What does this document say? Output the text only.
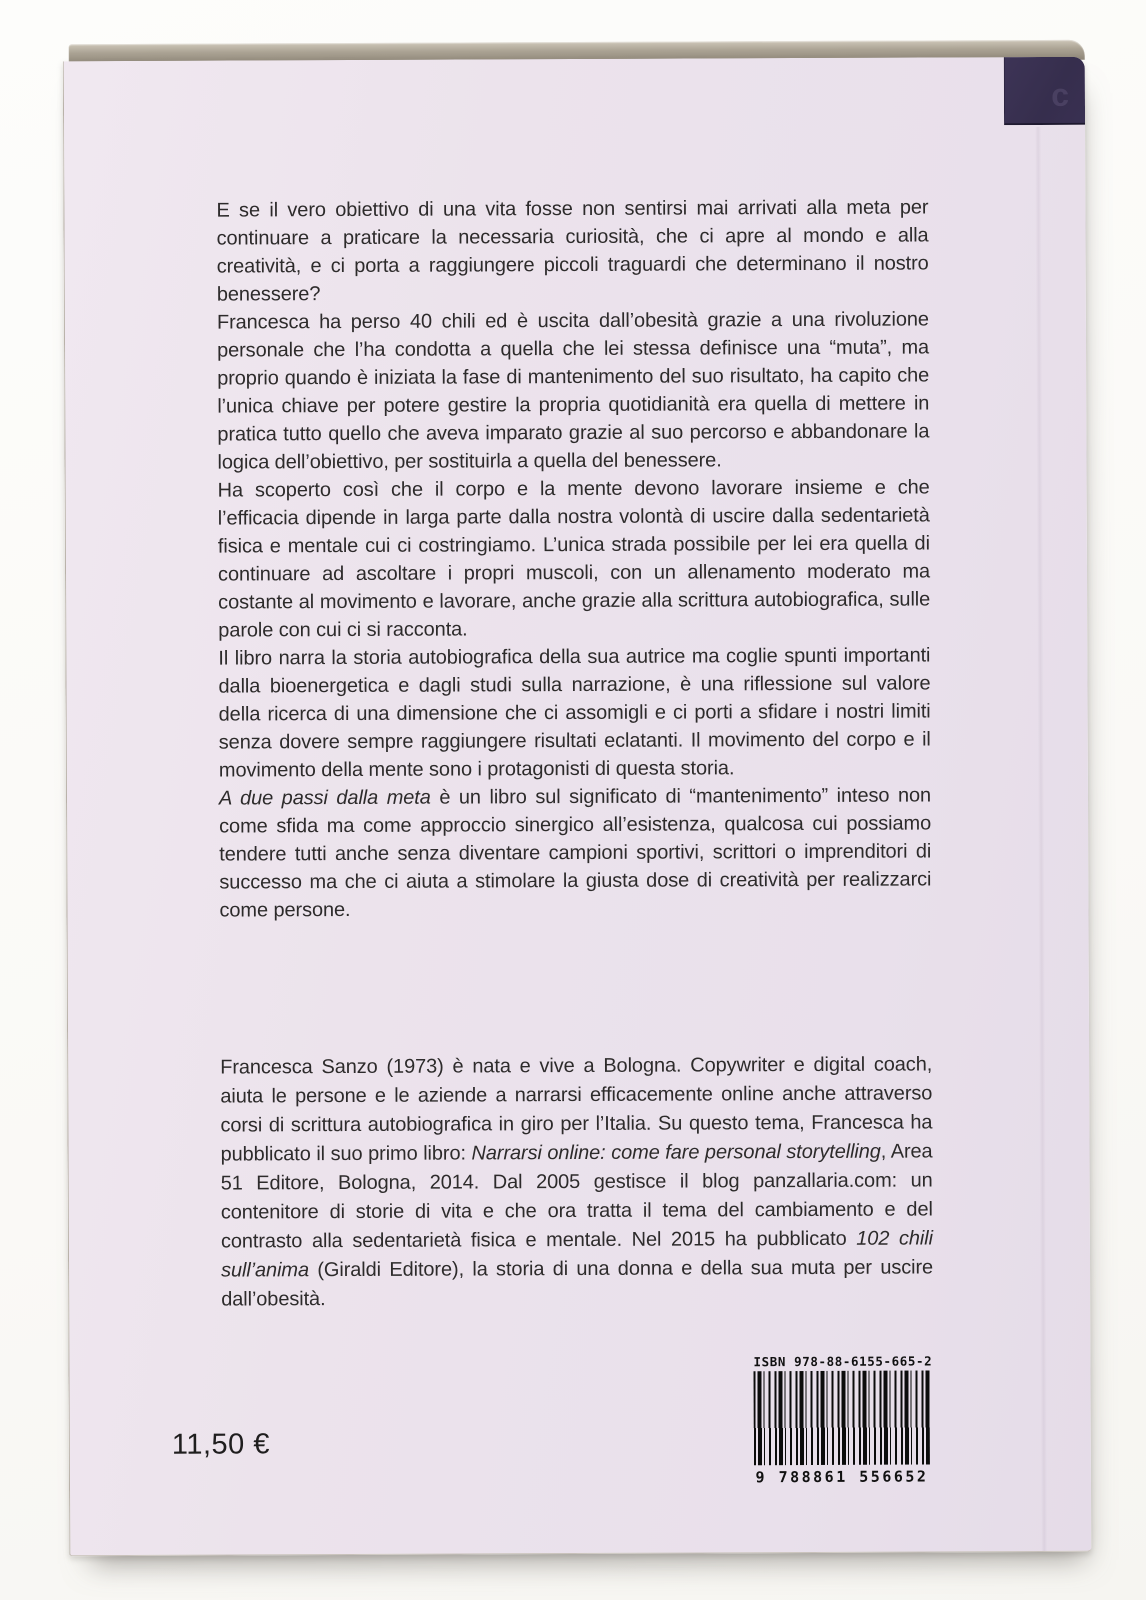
c

E se il vero obiettivo di una vita fosse non sentirsi mai arrivati alla meta per continuare a praticare la necessaria curiosità, che ci apre al mondo e alla creatività, e ci porta a raggiungere piccoli traguardi che determinano il nostro benessere?

Francesca ha perso 40 chili ed è uscita dall’obesità grazie a una rivoluzione personale che l’ha condotta a quella che lei stessa definisce una “muta”, ma proprio quando è iniziata la fase di mantenimento del suo risultato, ha capito che l’unica chiave per potere gestire la propria quotidianità era quella di mettere in pratica tutto quello che aveva imparato grazie al suo percorso e abbandonare la logica dell’obiettivo, per sostituirla a quella del benessere.

Ha scoperto così che il corpo e la mente devono lavorare insieme e che l’efficacia dipende in larga parte dalla nostra volontà di uscire dalla sedentarietà fisica e mentale cui ci costringiamo. L’unica strada possibile per lei era quella di continuare ad ascoltare i propri muscoli, con un allenamento moderato ma costante al movimento e lavorare, anche grazie alla scrittura autobiografica, sulle parole con cui ci si racconta.

Il libro narra la storia autobiografica della sua autrice ma coglie spunti importanti dalla bioenergetica e dagli studi sulla narrazione, è una riflessione sul valore della ricerca di una dimensione che ci assomigli e ci porti a sfidare i nostri limiti senza dovere sempre raggiungere risultati eclatanti. Il movimento del corpo e il movimento della mente sono i protagonisti di questa storia.

A due passi dalla meta è un libro sul significato di “mantenimento” inteso non come sfida ma come approccio sinergico all’esistenza, qualcosa cui possiamo tendere tutti anche senza diventare campioni sportivi, scrittori o imprenditori di successo ma che ci aiuta a stimolare la giusta dose di creatività per realizzarci come persone.

Francesca Sanzo (1973) è nata e vive a Bologna. Copywriter e digital coach, aiuta le persone e le aziende a narrarsi efficacemente online anche attraverso corsi di scrittura autobiografica in giro per l’Italia. Su questo tema, Francesca ha pubblicato il suo primo libro: Narrarsi online: come fare personal storytelling, Area 51 Editore, Bologna, 2014. Dal 2005 gestisce il blog panzallaria.com: un contenitore di storie di vita e che ora tratta il tema del cambiamento e del contrasto alla sedentarietà fisica e mentale. Nel 2015 ha pubblicato 102 chili sull’anima (Giraldi Editore), la storia di una donna e della sua muta per uscire dall’obesità.

11,50 €
ISBN 978-88-6155-665-2
9 788861 556652
